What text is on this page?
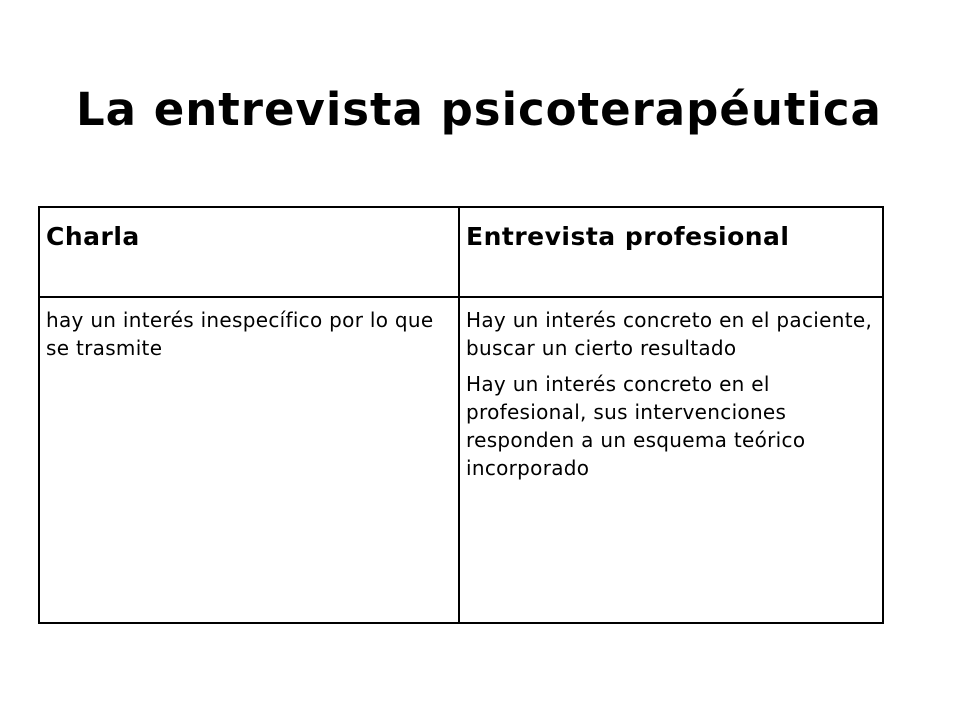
La entrevista psicoterapéutica
Charla	Entrevista profesional

hay un interés inespecífico por lo que se trasmite	Hay un interés concreto en el paciente, buscar un cierto resultado

Hay un interés concreto en el profesional, sus intervenciones responden a un esquema teórico incorporado
